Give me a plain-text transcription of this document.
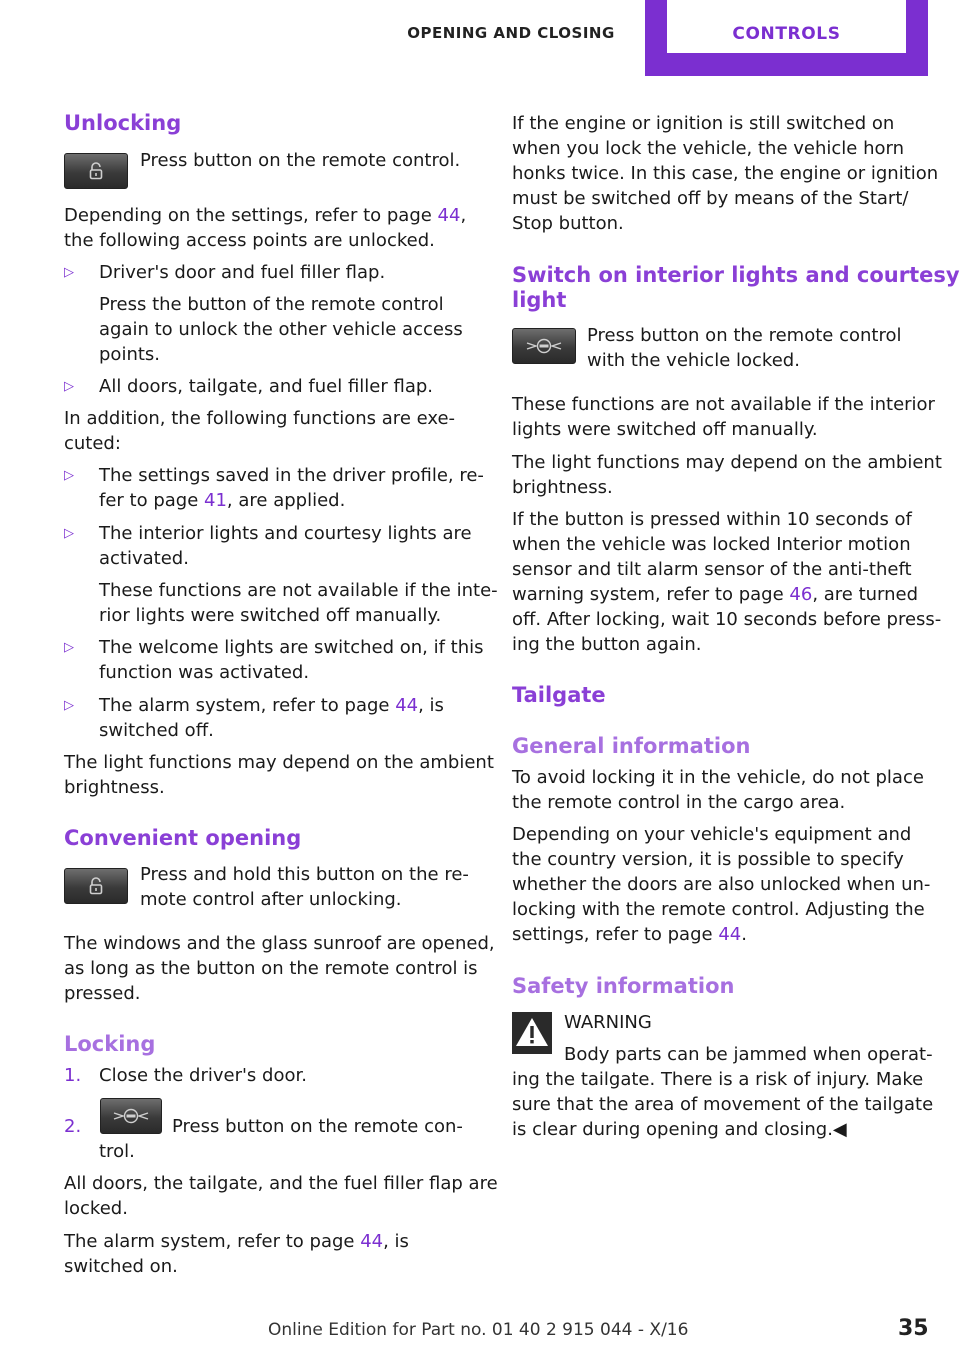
OPENING AND CLOSING	CONTROLS
Unlocking
Press button on the remote control.
Depending on the settings, refer to page 44,
the following access points are unlocked.
▷ Driver's door and fuel filler flap.
Press the button of the remote control
again to unlock the other vehicle access
points.
▷ All doors, tailgate, and fuel filler flap.
In addition, the following functions are exe‐
cuted:
▷ The settings saved in the driver profile, re‐
fer to page 41, are applied.
▷ The interior lights and courtesy lights are
activated.
These functions are not available if the inte‐
rior lights were switched off manually.
▷ The welcome lights are switched on, if this
function was activated.
▷ The alarm system, refer to page 44, is
switched off.
The light functions may depend on the ambient
brightness.
Convenient opening
Press and hold this button on the re‐
mote control after unlocking.
The windows and the glass sunroof are opened,
as long as the button on the remote control is
pressed.
Locking
1. Close the driver's door.
2.	Press button on the remote con‐
trol.
All doors, the tailgate, and the fuel filler flap are
locked.
The alarm system, refer to page 44, is
switched on.
If the engine or ignition is still switched on
when you lock the vehicle, the vehicle horn
honks twice. In this case, the engine or ignition
must be switched off by means of the Start/
Stop button.
Switch on interior lights and courtesy
light
Press button on the remote control
with the vehicle locked.
These functions are not available if the interior
lights were switched off manually.
The light functions may depend on the ambient
brightness.
If the button is pressed within 10 seconds of
when the vehicle was locked Interior motion
sensor and tilt alarm sensor of the anti-theft
warning system, refer to page 46, are turned
off. After locking, wait 10 seconds before press‐
ing the button again.
Tailgate
General information
To avoid locking it in the vehicle, do not place
the remote control in the cargo area.
Depending on your vehicle's equipment and
the country version, it is possible to specify
whether the doors are also unlocked when un‐
locking with the remote control. Adjusting the
settings, refer to page 44.
Safety information
WARNING
Body parts can be jammed when operat‐
ing the tailgate. There is a risk of injury. Make
sure that the area of movement of the tailgate
is clear during opening and closing.◀
Online Edition for Part no. 01 40 2 915 044 - X/16	35
